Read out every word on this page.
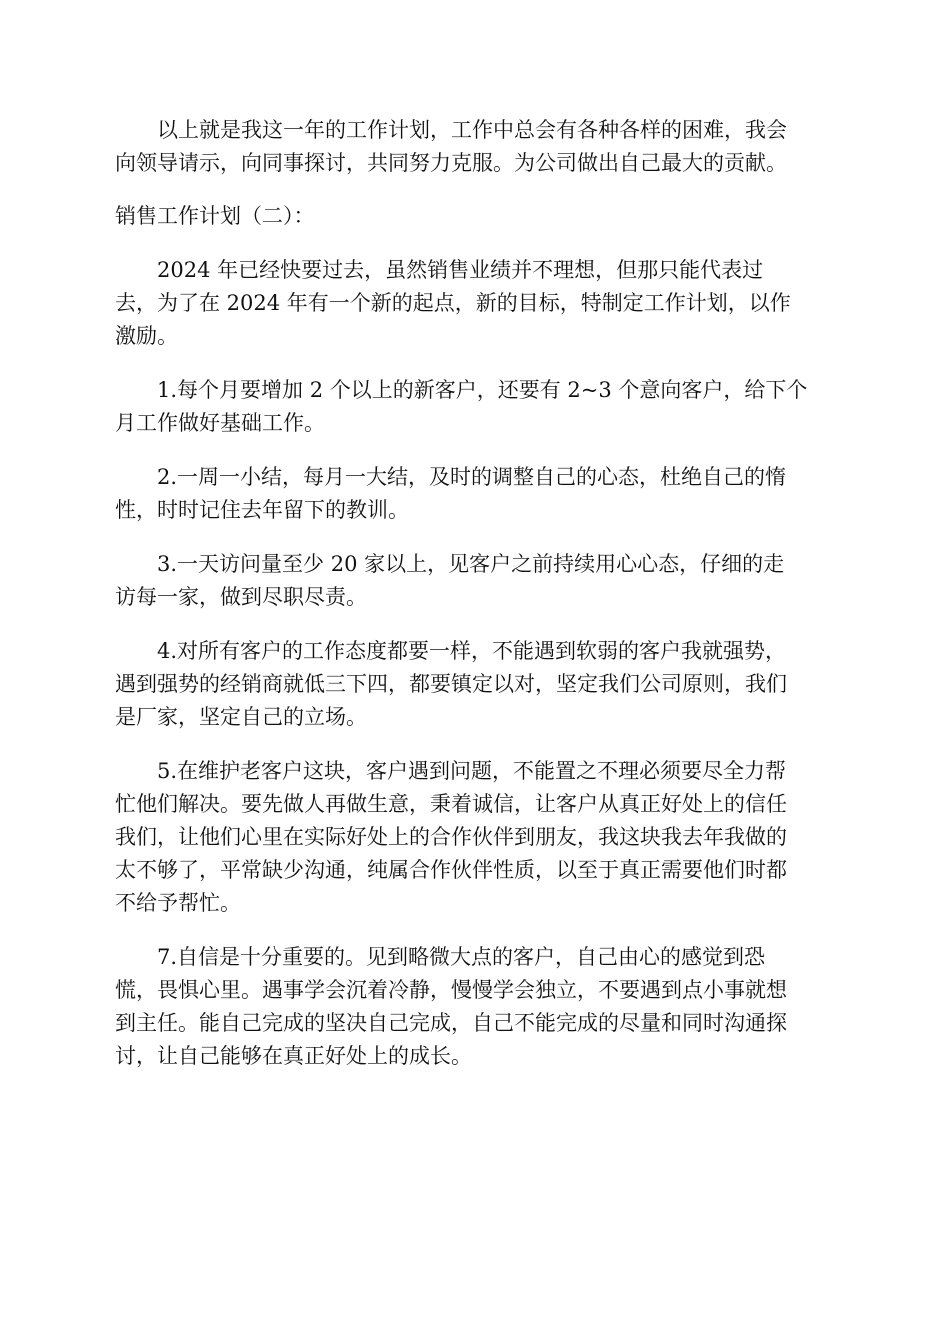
以上就是我这一年的工作计划，工作中总会有各种各样的困难，我会
向领导请示，向同事探讨，共同努力克服。为公司做出自己最大的贡献。
销售工作计划（二）：
2024 年已经快要过去，虽然销售业绩并不理想，但那只能代表过
去，为了在 2024 年有一个新的起点，新的目标，特制定工作计划，以作
激励。
1.每个月要增加 2 个以上的新客户，还要有 2~3 个意向客户，给下个
月工作做好基础工作。
2.一周一小结，每月一大结，及时的调整自己的心态，杜绝自己的惰
性，时时记住去年留下的教训。
3.一天访问量至少 20 家以上，见客户之前持续用心心态，仔细的走
访每一家，做到尽职尽责。
4.对所有客户的工作态度都要一样，不能遇到软弱的客户我就强势，
遇到强势的经销商就低三下四，都要镇定以对，坚定我们公司原则，我们
是厂家，坚定自己的立场。
5.在维护老客户这块，客户遇到问题，不能置之不理必须要尽全力帮
忙他们解决。要先做人再做生意，秉着诚信，让客户从真正好处上的信任
我们，让他们心里在实际好处上的合作伙伴到朋友，我这块我去年我做的
太不够了，平常缺少沟通，纯属合作伙伴性质，以至于真正需要他们时都
不给予帮忙。
7.自信是十分重要的。见到略微大点的客户，自己由心的感觉到恐
慌，畏惧心里。遇事学会沉着冷静，慢慢学会独立，不要遇到点小事就想
到主任。能自己完成的坚决自己完成，自己不能完成的尽量和同时沟通探
讨，让自己能够在真正好处上的成长。
